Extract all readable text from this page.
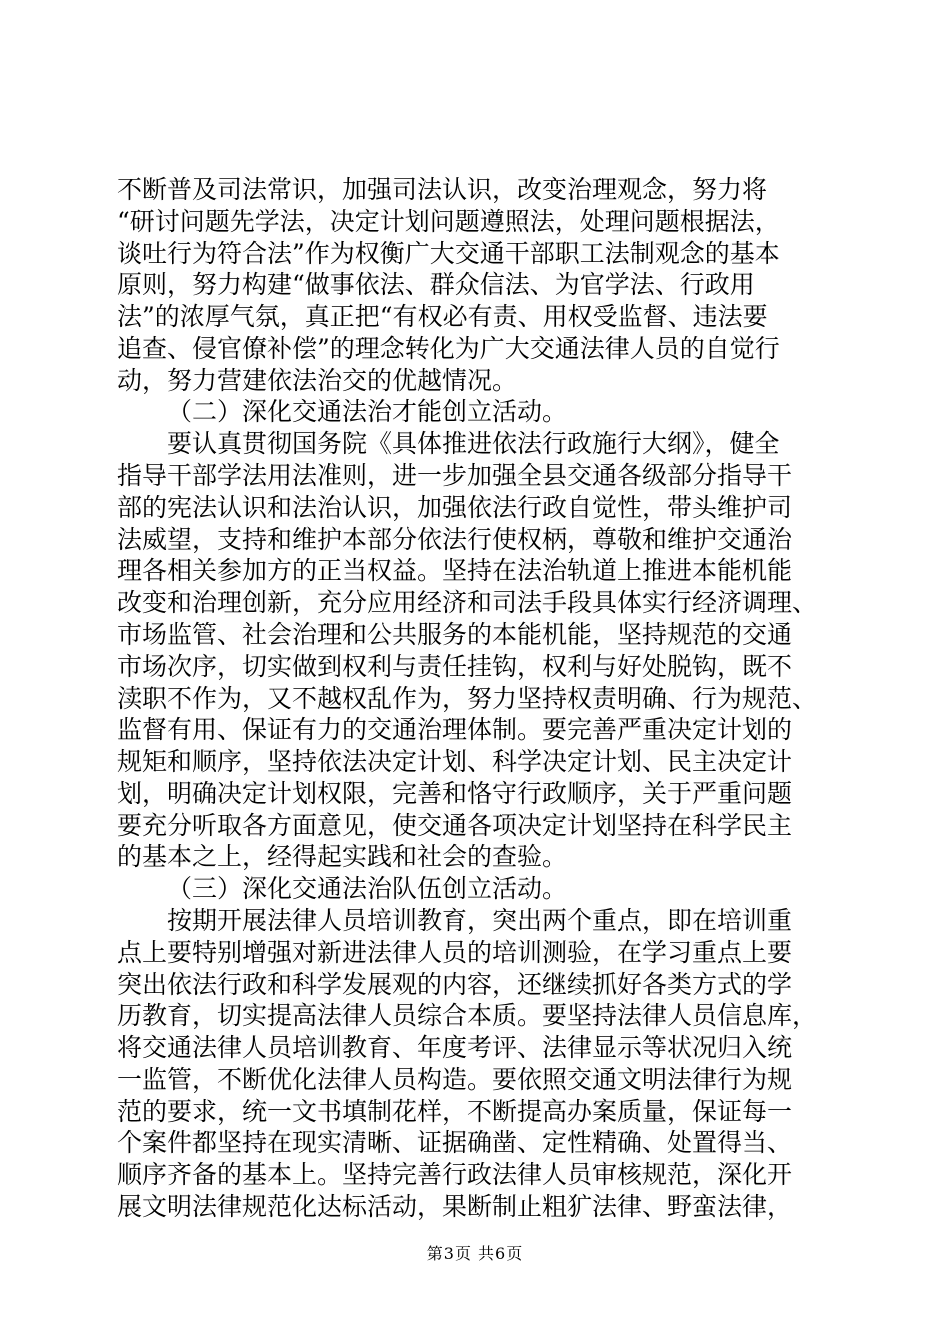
不断普及司法常识，加强司法认识，改变治理观念，努力将
“研讨问题先学法，决定计划问题遵照法，处理问题根据法，
谈吐行为符合法”作为权衡广大交通干部职工法制观念的基本
原则，努力构建“做事依法、群众信法、为官学法、行政用
法”的浓厚气氛，真正把“有权必有责、用权受监督、违法要
追查、侵官僚补偿”的理念转化为广大交通法律人员的自觉行
动，努力营建依法治交的优越情况。
（二）深化交通法治才能创立活动。
要认真贯彻国务院《具体推进依法行政施行大纲》，健全
指导干部学法用法准则，进一步加强全县交通各级部分指导干
部的宪法认识和法治认识，加强依法行政自觉性，带头维护司
法威望，支持和维护本部分依法行使权柄，尊敬和维护交通治
理各相关参加方的正当权益。坚持在法治轨道上推进本能机能
改变和治理创新，充分应用经济和司法手段具体实行经济调理、
市场监管、社会治理和公共服务的本能机能，坚持规范的交通
市场次序，切实做到权利与责任挂钩，权利与好处脱钩，既不
渎职不作为，又不越权乱作为，努力坚持权责明确、行为规范、
监督有用、保证有力的交通治理体制。要完善严重决定计划的
规矩和顺序，坚持依法决定计划、科学决定计划、民主决定计
划，明确决定计划权限，完善和恪守行政顺序，关于严重问题
要充分听取各方面意见，使交通各项决定计划坚持在科学民主
的基本之上，经得起实践和社会的查验。
（三）深化交通法治队伍创立活动。
按期开展法律人员培训教育，突出两个重点，即在培训重
点上要特别增强对新进法律人员的培训测验，在学习重点上要
突出依法行政和科学发展观的内容，还继续抓好各类方式的学
历教育，切实提高法律人员综合本质。要坚持法律人员信息库，
将交通法律人员培训教育、年度考评、法律显示等状况归入统
一监管，不断优化法律人员构造。要依照交通文明法律行为规
范的要求，统一文书填制花样，不断提高办案质量，保证每一
个案件都坚持在现实清晰、证据确凿、定性精确、处置得当、
顺序齐备的基本上。坚持完善行政法律人员审核规范，深化开
展文明法律规范化达标活动，果断制止粗犷法律、野蛮法律，
第3页 共6页
